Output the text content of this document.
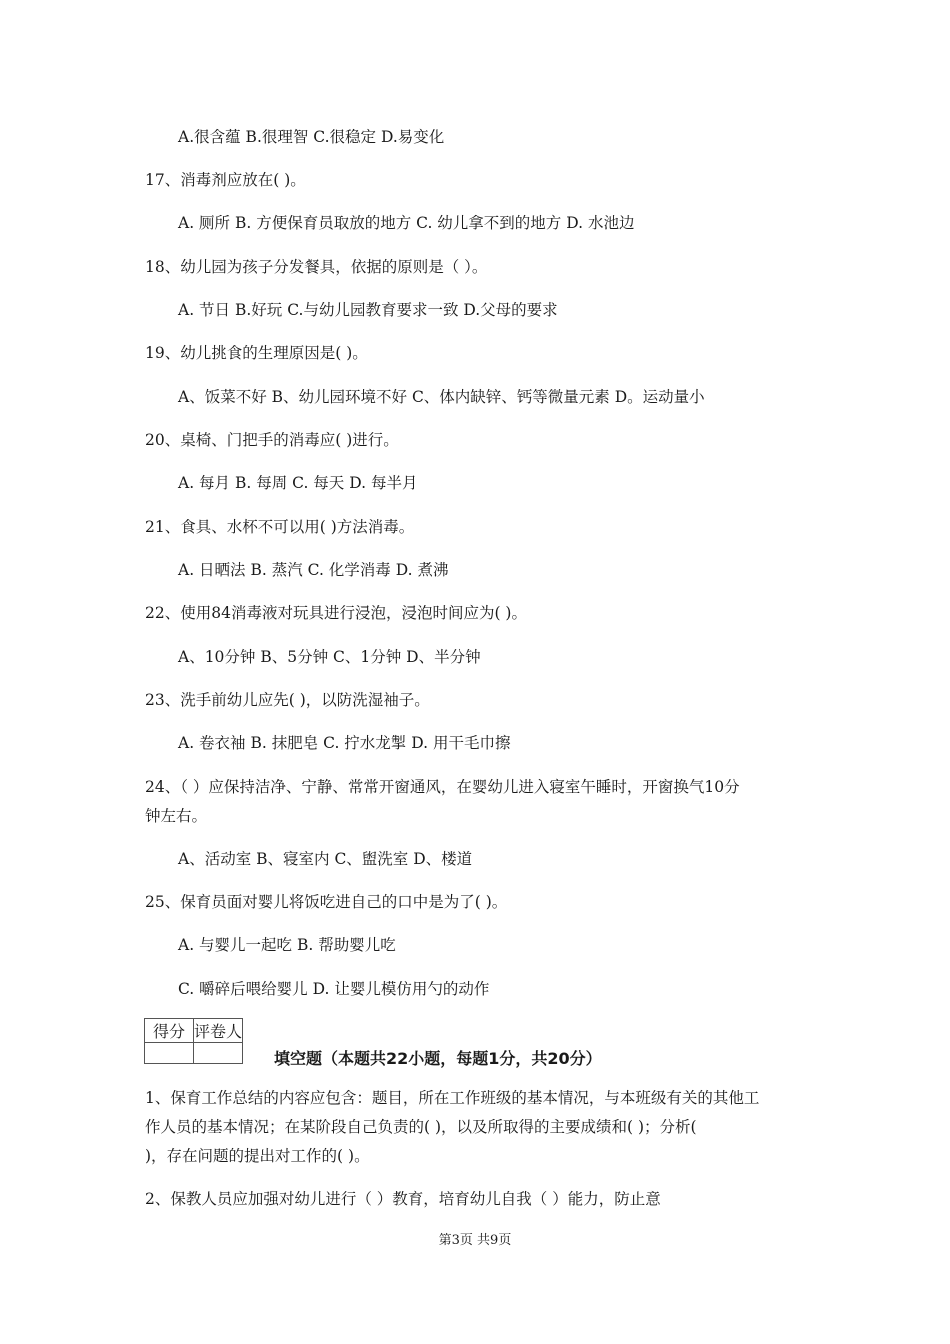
A.很含蕴 B.很理智 C.很稳定 D.易变化
17、消毒剂应放在( )。
A. 厕所 B. 方便保育员取放的地方 C. 幼儿拿不到的地方 D. 水池边
18、幼儿园为孩子分发餐具，依据的原则是（ ）。
A. 节日 B.好玩 C.与幼儿园教育要求一致 D.父母的要求
19、幼儿挑食的生理原因是( )。
A、饭菜不好 B、幼儿园环境不好 C、体内缺锌、钙等微量元素 D。运动量小
20、桌椅、门把手的消毒应( )进行。
A. 每月 B. 每周 C. 每天 D. 每半月
21、食具、水杯不可以用( )方法消毒。
A. 日晒法 B. 蒸汽 C. 化学消毒 D. 煮沸
22、使用84消毒液对玩具进行浸泡，浸泡时间应为( )。
A、10分钟 B、5分钟 C、1分钟 D、半分钟
23、洗手前幼儿应先( )，以防洗湿袖子。
A. 卷衣袖 B. 抹肥皂 C. 拧水龙掣 D. 用干毛巾擦
24、（ ）应保持洁净、宁静、常常开窗通风，在婴幼儿进入寝室午睡时，开窗换气10分
钟左右。
A、活动室 B、寝室内 C、盥洗室 D、楼道
25、保育员面对婴儿将饭吃进自己的口中是为了( )。
A. 与婴儿一起吃 B. 帮助婴儿吃
C. 嚼碎后喂给婴儿 D. 让婴儿模仿用勺的动作
1、保育工作总结的内容应包含：题目，所在工作班级的基本情况，与本班级有关的其他工
作人员的基本情况；在某阶段自己负责的( )，以及所取得的主要成绩和( )；分析(
)，存在问题的提出对工作的( )。
2、保教人员应加强对幼儿进行（ ）教育，培育幼儿自我（ ）能力，防止意
得分	评卷人

填空题（本题共22小题，每题1分，共20分）
第3页 共9页
